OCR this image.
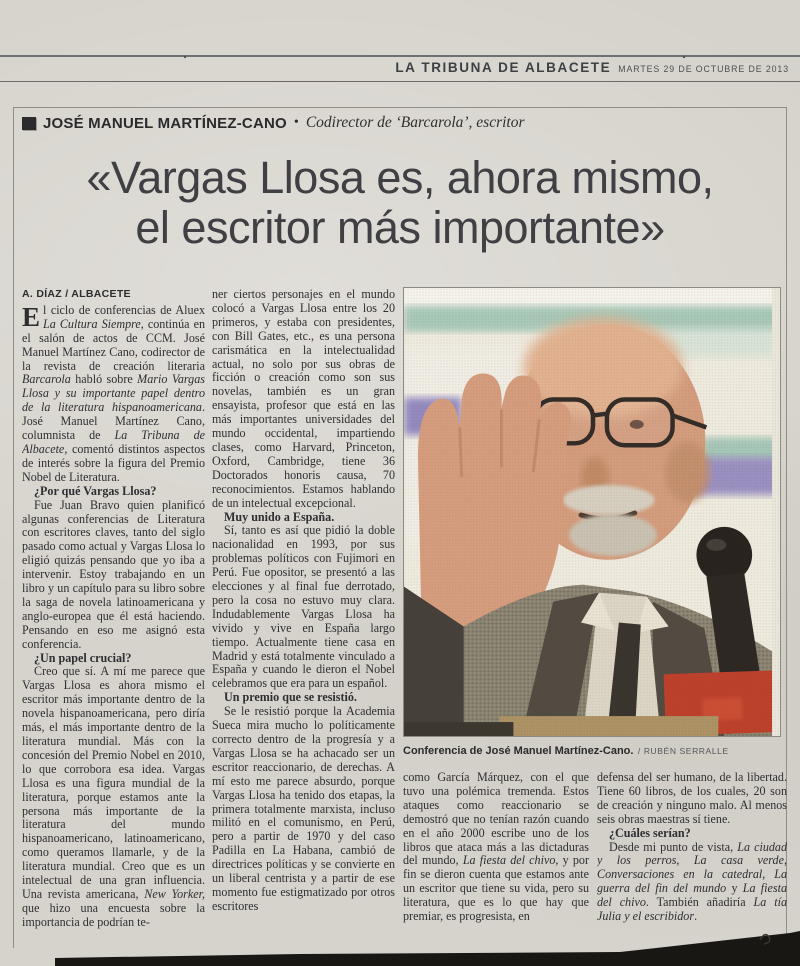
LA TRIBUNA DE ALBACETE MARTES 29 DE OCTUBRE DE 2013
JOSÉ MANUEL MARTÍNEZ-CANO • Codirector de ‘Barcarola’, escritor
«Vargas Llosa es, ahora mismo,
el escritor más importante»

A. DÍAZ / ALBACETE

El ciclo de conferencias de Aluex La Cultura Siempre, continúa en el salón de actos de CCM. José Manuel Martínez Cano, codirector de la revista de creación literaria Barcarola habló sobre Mario Vargas Llosa y su importante papel dentro de la literatura hispanoamericana. José Manuel Martínez Cano, columnista de La Tribuna de Albacete, comentó distintos aspectos de interés sobre la figura del Premio Nobel de Literatura.

¿Por qué Vargas Llosa?

Fue Juan Bravo quien planificó algunas conferencias de Literatura con escritores claves, tanto del siglo pasado como actual y Vargas Llosa lo eligió quizás pensando que yo iba a intervenir. Estoy trabajando en un libro y un capítulo para su libro sobre la saga de novela latinoamericana y anglo-europea que él está haciendo. Pensando en eso me asignó esta conferencia.

¿Un papel crucial?

Creo que sí. A mí me parece que Vargas Llosa es ahora mismo el escritor más importante dentro de la novela hispanoamericana, pero diría más, el más importante dentro de la literatura mundial. Más con la concesión del Premio Nobel en 2010, lo que corrobora esa idea. Vargas Llosa es una figura mundial de la literatura, porque estamos ante la persona más importante de la literatura del mundo hispanoamericano, latinoamericano, como queramos llamarle, y de la literatura mundial. Creo que es un intelectual de una gran influencia. Una revista americana, New Yorker, que hizo una encuesta sobre la importancia de podrían te-

ner ciertos personajes en el mundo colocó a Vargas Llosa entre los 20 primeros, y estaba con presidentes, con Bill Gates, etc., es una persona carismática en la intelectualidad actual, no solo por sus obras de ficción o creación como son sus novelas, también es un gran ensayista, profesor que está en las más importantes universidades del mundo occidental, impartiendo clases, como Harvard, Princeton, Oxford, Cambridge, tiene 36 Doctorados honoris causa, 70 reconocimientos. Estamos hablando de un intelectual excepcional.

Muy unido a España.

Sí, tanto es así que pidió la doble nacionalidad en 1993, por sus problemas políticos con Fujimori en Perú. Fue opositor, se presentó a las elecciones y al final fue derrotado, pero la cosa no estuvo muy clara. Indudablemente Vargas Llosa ha vivido y vive en España largo tiempo. Actualmente tiene casa en Madrid y está totalmente vinculado a España y cuando le dieron el Nobel celebramos que era para un español.

Un premio que se resistió.

Se le resistió porque la Academia Sueca mira mucho lo políticamente correcto dentro de la progresía y a Vargas Llosa se ha achacado ser un escritor reaccionario, de derechas. A mí esto me parece absurdo, porque Vargas Llosa ha tenido dos etapas, la primera totalmente marxista, incluso militó en el comunismo, en Perú, pero a partir de 1970 y del caso Padilla en La Habana, cambió de directrices políticas y se convierte en un liberal centrista y a partir de ese momento fue estigmatizado por otros escritores

como García Márquez, con el que tuvo una polémica tremenda. Estos ataques como reaccionario se demostró que no tenían razón cuando en el año 2000 escribe uno de los libros que ataca más a las dictaduras del mundo, La fiesta del chivo, y por fin se dieron cuenta que estamos ante un escritor que tiene su vida, pero su literatura, que es lo que hay que premiar, es progresista, en

defensa del ser humano, de la libertad. Tiene 60 libros, de los cuales, 20 son de creación y ninguno malo. Al menos seis obras maestras sí tiene.

¿Cuáles serían?

Desde mi punto de vista, La ciudad y los perros, La casa verde, Conversaciones en la catedral, La guerra del fin del mundo y La fiesta del chivo. También añadiría La tía Julia y el escribidor.

Conferencia de José Manuel Martínez-Cano. / RUBÉN SERRALLE
